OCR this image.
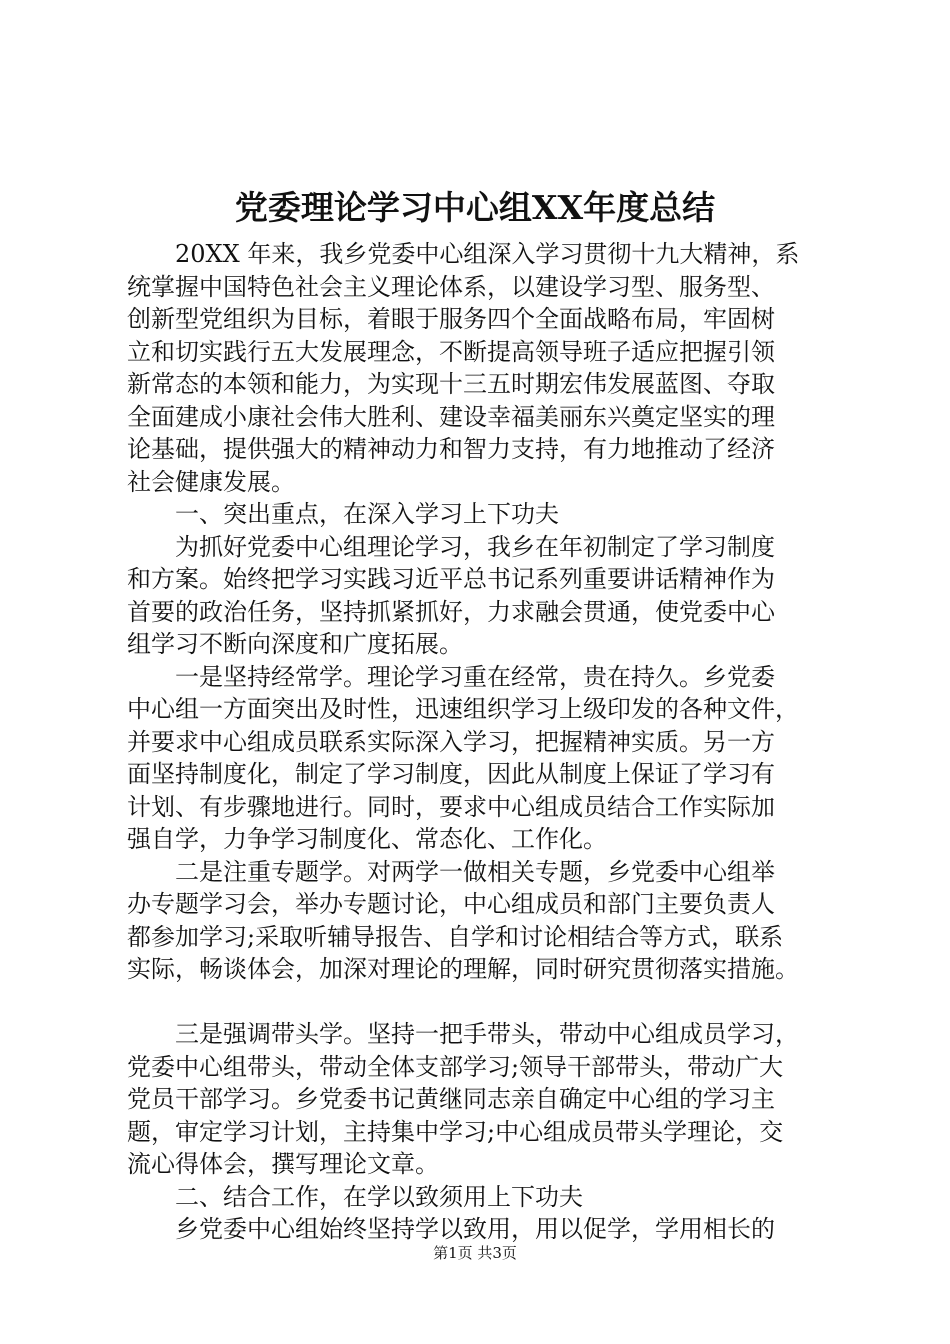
党委理论学习中心组XX年度总结
　　20XX 年来，我乡党委中心组深入学习贯彻十九大精神，系
统掌握中国特色社会主义理论体系，以建设学习型、服务型、
创新型党组织为目标，着眼于服务四个全面战略布局，牢固树
立和切实践行五大发展理念，不断提高领导班子适应把握引领
新常态的本领和能力，为实现十三五时期宏伟发展蓝图、夺取
全面建成小康社会伟大胜利、建设幸福美丽东兴奠定坚实的理
论基础，提供强大的精神动力和智力支持，有力地推动了经济
社会健康发展。
　　一、突出重点，在深入学习上下功夫
　　为抓好党委中心组理论学习，我乡在年初制定了学习制度
和方案。始终把学习实践习近平总书记系列重要讲话精神作为
首要的政治任务，坚持抓紧抓好，力求融会贯通，使党委中心
组学习不断向深度和广度拓展。
　　一是坚持经常学。理论学习重在经常，贵在持久。乡党委
中心组一方面突出及时性，迅速组织学习上级印发的各种文件，
并要求中心组成员联系实际深入学习，把握精神实质。另一方
面坚持制度化，制定了学习制度，因此从制度上保证了学习有
计划、有步骤地进行。同时，要求中心组成员结合工作实际加
强自学，力争学习制度化、常态化、工作化。
　　二是注重专题学。对两学一做相关专题，乡党委中心组举
办专题学习会，举办专题讨论，中心组成员和部门主要负责人
都参加学习;采取听辅导报告、自学和讨论相结合等方式，联系
实际，畅谈体会，加深对理论的理解，同时研究贯彻落实措施。
　　三是强调带头学。坚持一把手带头，带动中心组成员学习，
党委中心组带头，带动全体支部学习;领导干部带头，带动广大
党员干部学习。乡党委书记黄继同志亲自确定中心组的学习主
题，审定学习计划，主持集中学习;中心组成员带头学理论，交
流心得体会，撰写理论文章。
　　二、结合工作，在学以致须用上下功夫
　　乡党委中心组始终坚持学以致用，用以促学，学用相长的
第1页 共3页
